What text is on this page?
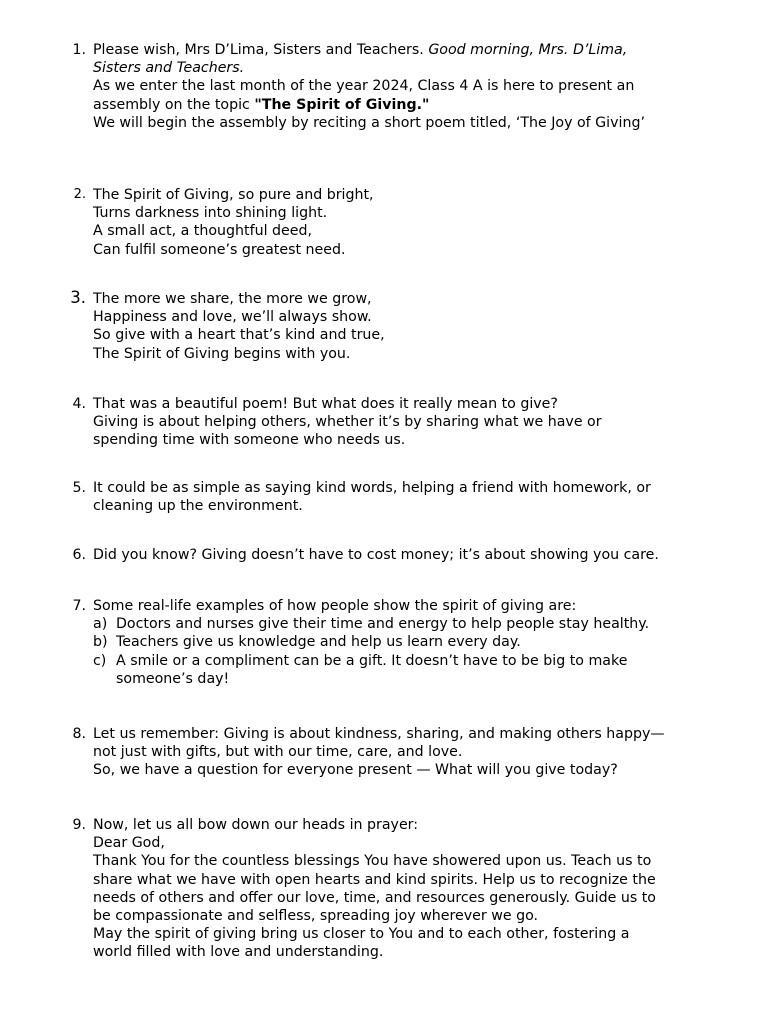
1. Please wish, Mrs D’Lima, Sisters and Teachers. Good morning, Mrs. D’Lima,
Sisters and Teachers.
As we enter the last month of the year 2024, Class 4 A is here to present an
assembly on the topic "The Spirit of Giving."
We will begin the assembly by reciting a short poem titled, ‘The Joy of Giving’
2. The Spirit of Giving, so pure and bright,
Turns darkness into shining light.
A small act, a thoughtful deed,
Can fulfil someone’s greatest need.
3. The more we share, the more we grow,
Happiness and love, we’ll always show.
So give with a heart that’s kind and true,
The Spirit of Giving begins with you.
4. That was a beautiful poem! But what does it really mean to give?
Giving is about helping others, whether it’s by sharing what we have or
spending time with someone who needs us.
5. It could be as simple as saying kind words, helping a friend with homework, or
cleaning up the environment.
6. Did you know? Giving doesn’t have to cost money; it’s about showing you care.
7. Some real-life examples of how people show the spirit of giving are:
a) Doctors and nurses give their time and energy to help people stay healthy.
b) Teachers give us knowledge and help us learn every day.
c) A smile or a compliment can be a gift. It doesn’t have to be big to make
someone’s day!
8. Let us remember: Giving is about kindness, sharing, and making others happy—
not just with gifts, but with our time, care, and love.
So, we have a question for everyone present — What will you give today?
9. Now, let us all bow down our heads in prayer:
Dear God,
Thank You for the countless blessings You have showered upon us. Teach us to
share what we have with open hearts and kind spirits. Help us to recognize the
needs of others and offer our love, time, and resources generously. Guide us to
be compassionate and selfless, spreading joy wherever we go.
May the spirit of giving bring us closer to You and to each other, fostering a
world filled with love and understanding.
